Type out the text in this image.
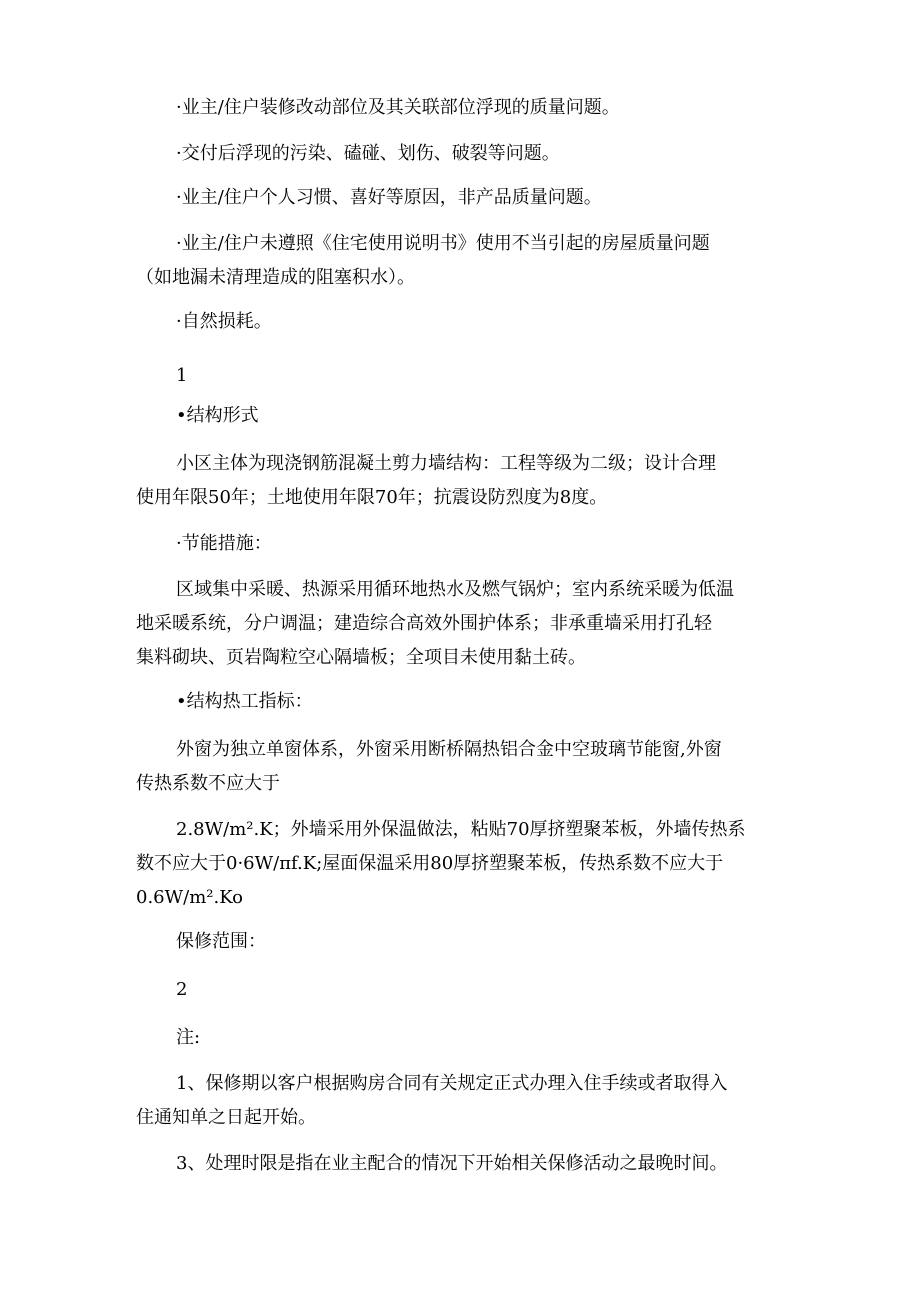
·业主/住户装修改动部位及其关联部位浮现的质量问题。

·交付后浮现的污染、磕碰、划伤、破裂等问题。

·业主/住户个人习惯、喜好等原因，非产品质量问题。

·业主/住户未遵照《住宅使用说明书》使用不当引起的房屋质量问题

（如地漏未清理造成的阻塞积水）。

·自然损耗。

1

•结构形式

小区主体为现浇钢筋混凝土剪力墙结构：工程等级为二级；设计合理

使用年限50年；土地使用年限70年；抗震设防烈度为8度。

·节能措施：

区域集中采暖、热源采用循环地热水及燃气锅炉；室内系统采暖为低温

地采暖系统，分户调温；建造综合高效外围护体系；非承重墙采用打孔轻

集料砌块、页岩陶粒空心隔墙板；全项目未使用黏土砖。

•结构热工指标：

外窗为独立单窗体系，外窗采用断桥隔热铝合金中空玻璃节能窗,外窗

传热系数不应大于

2.8W/m².K；外墙采用外保温做法，粘贴70厚挤塑聚苯板，外墙传热系

数不应大于0·6W/πf.K;屋面保温采用80厚挤塑聚苯板，传热系数不应大于

0.6W/m².Ko

保修范围：

2

注:

1、保修期以客户根据购房合同有关规定正式办理入住手续或者取得入

住通知单之日起开始。

3、处理时限是指在业主配合的情况下开始相关保修活动之最晚时间。
